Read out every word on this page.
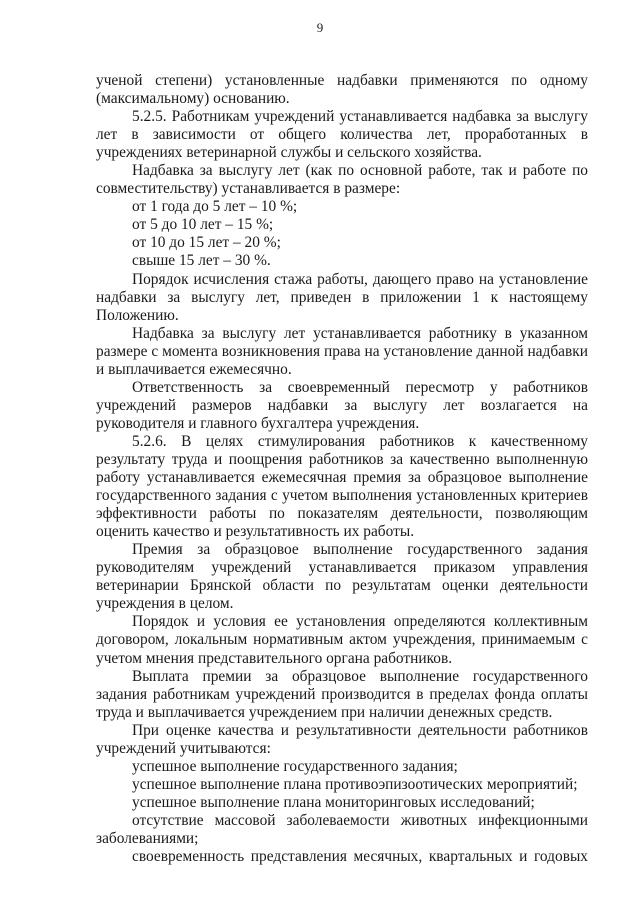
9

ученой степени) установленные надбавки применяются по одному (максимальному) основанию.

5.2.5. Работникам учреждений устанавливается надбавка за выслугу лет в зависимости от общего количества лет, проработанных в учреждениях ветеринарной службы и сельского хозяйства.

Надбавка за выслугу лет (как по основной работе, так и работе по совместительству) устанавливается в размере:

от 1 года до 5 лет – 10 %;

от 5 до 10 лет – 15 %;

от 10 до 15 лет – 20 %;

свыше 15 лет – 30 %.

Порядок исчисления стажа работы, дающего право на установление надбавки за выслугу лет, приведен в приложении 1 к настоящему Положению.

Надбавка за выслугу лет устанавливается работнику в указанном размере с момента возникновения права на установление данной надбавки и выплачивается ежемесячно.

Ответственность за своевременный пересмотр у работников учреждений размеров надбавки за выслугу лет возлагается на руководителя и главного бухгалтера учреждения.

5.2.6. В целях стимулирования работников к качественному результату труда и поощрения работников за качественно выполненную работу устанавливается ежемесячная премия за образцовое выполнение государственного задания с учетом выполнения установленных критериев эффективности работы по показателям деятельности, позволяющим оценить качество и результативность их работы.

Премия за образцовое выполнение государственного задания руководителям учреждений устанавливается приказом управления ветеринарии Брянской области по результатам оценки деятельности учреждения в целом.

Порядок и условия ее установления определяются коллективным договором, локальным нормативным актом учреждения, принимаемым с учетом мнения представительного органа работников.

Выплата премии за образцовое выполнение государственного задания работникам учреждений производится в пределах фонда оплаты труда и выплачивается учреждением при наличии денежных средств.

При оценке качества и результативности деятельности работников учреждений учитываются:

успешное выполнение государственного задания;

успешное выполнение плана противоэпизоотических мероприятий;

успешное выполнение плана мониторинговых исследований;

отсутствие массовой заболеваемости животных инфекционными заболеваниями;

своевременность представления месячных, квартальных и годовых
